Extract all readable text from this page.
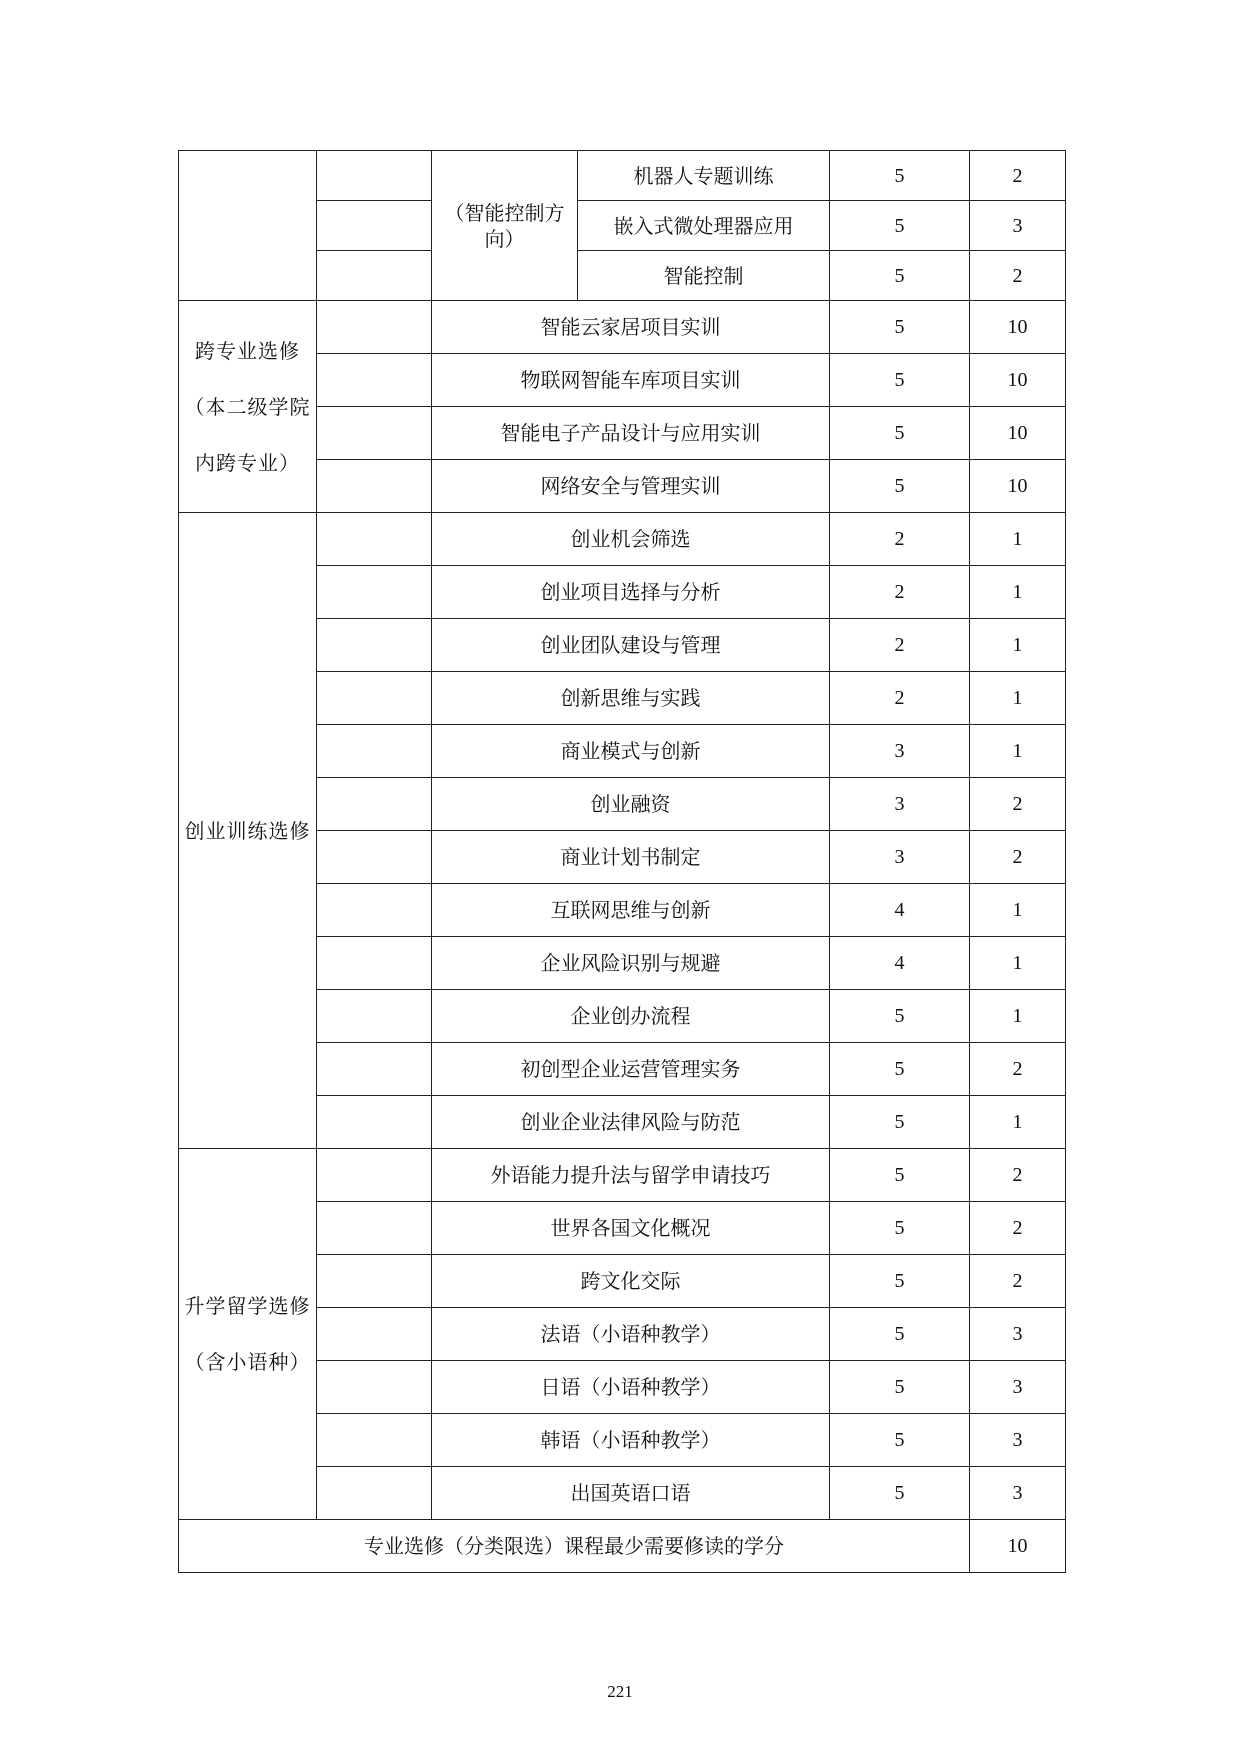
		（智能控制方
向）	机器人专题训练	5	2
			嵌入式微处理器应用	5	3
			智能控制	5	2

跨专业选修
（本二级学院
内跨专业）		智能云家居项目实训		5	10
		物联网智能车库项目实训		5	10
		智能电子产品设计与应用实训		5	10
		网络安全与管理实训		5	10
创业训练选修		创业机会筛选		2	1
		创业项目选择与分析		2	1
		创业团队建设与管理		2	1
		创新思维与实践		2	1
		商业模式与创新		3	1
		创业融资		3	2
		商业计划书制定		3	2
		互联网思维与创新		4	1
		企业风险识别与规避		4	1
		企业创办流程		5	1
		初创型企业运营管理实务		5	2
		创业企业法律风险与防范		5	1

升学留学选修
（含小语种）		外语能力提升法与留学申请技巧		5	2
		世界各国文化概况		5	2
		跨文化交际		5	2
		法语（小语种教学）		5	3
		日语（小语种教学）		5	3
		韩语（小语种教学）		5	3
		出国英语口语		5	3
专业选修（分类限选）课程最少需要修读的学分					10
221
